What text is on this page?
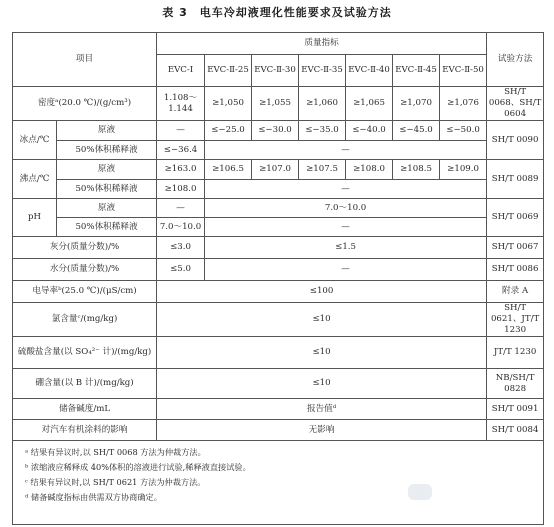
表 3　电车冷却液理化性能要求及试验方法
项目		质量指标							试验方法
		EVC-Ⅰ	EVC-Ⅱ-25	EVC-Ⅱ-30	EVC-Ⅱ-35	EVC-Ⅱ-40	EVC-Ⅱ-45	EVC-Ⅱ-50	
密度ᵃ(20.0 ℃)/(g/cm³)		1.108～1.144	≥1,050	≥1,055	≥1,060	≥1,065	≥1,070	≥1,076	SH/T 0068、SH/T 0604
冰点/℃	原液	—	≤−25.0	≤−30.0	≤−35.0	≤−40.0	≤−45.0	≤−50.0	SH/T 0090
	50%体积稀释液	≤−36.4	—						
沸点/℃	原液	≥163.0	≥106.5	≥107.0	≥107.5	≥108.0	≥108.5	≥109.0	SH/T 0089
	50%体积稀释液	≥108.0	—						
pH	原液	—	7.0～10.0						SH/T 0069
	50%体积稀释液	7.0～10.0	—						
灰分(质量分数)/%		≤3.0	≤1.5						SH/T 0067
水分(质量分数)/%		≤5.0	—						SH/T 0086
电导率ᵇ(25.0 ℃)/(μS/cm)		≤100							附录 A
氯含量ᶜ/(mg/kg)		≤10							SH/T 0621、JT/T 1230
硫酸盐含量(以 SO₄²⁻ 计)/(mg/kg)		≤10							JT/T 1230
硼含量(以 B 计)/(mg/kg)		≤10							NB/SH/T 0828
储备碱度/mL		报告值ᵈ							SH/T 0091
对汽车有机涂料的影响		无影响							SH/T 0084

ᵃ 结果有异议时,以 SH/T 0068 方法为仲裁方法。
ᵇ 浓缩液应稀释成 40%体积的溶液进行试验,稀释液直接试验。
ᶜ 结果有异议时,以 SH/T 0621 方法为仲裁方法。
ᵈ 储备碱度指标由供需双方协商确定。									
